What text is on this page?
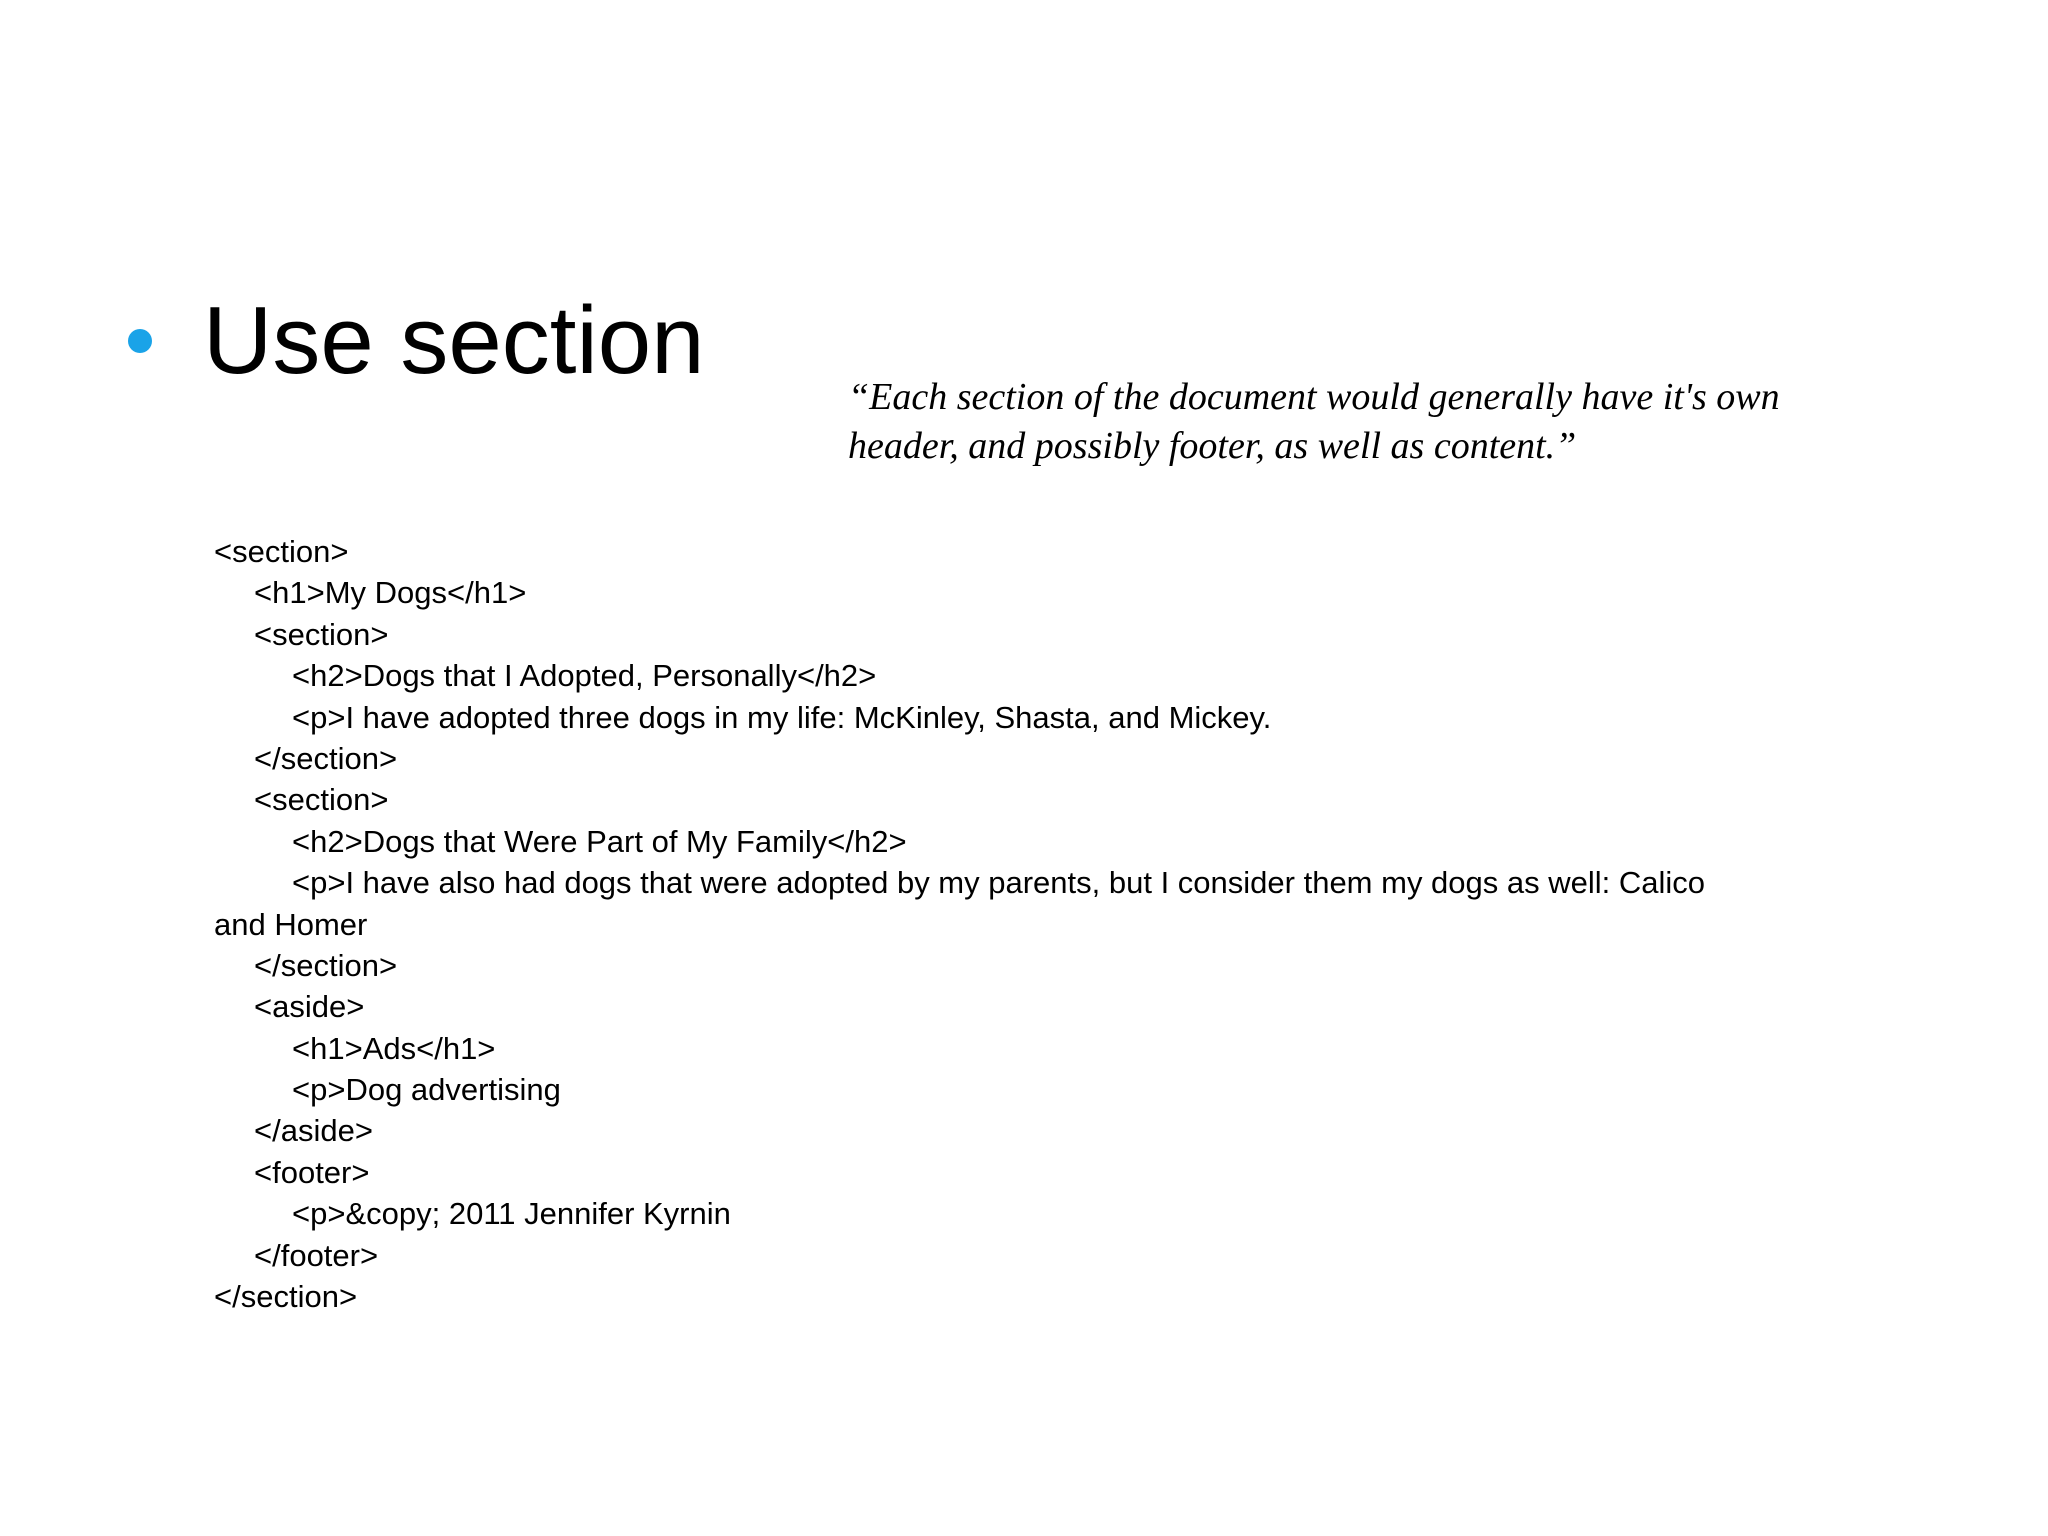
Use section
“Each section of the document would generally have it's own
header, and possibly footer, as well as content.”
<section>
<h1>My Dogs</h1>
<section>
<h2>Dogs that I Adopted, Personally</h2>
<p>I have adopted three dogs in my life: McKinley, Shasta, and Mickey.
</section>
<section>
<h2>Dogs that Were Part of My Family</h2>
<p>I have also had dogs that were adopted by my parents, but I consider them my dogs as well: Calico
and Homer
</section>
<aside>
<h1>Ads</h1>
<p>Dog advertising
</aside>
<footer>
<p>&copy; 2011 Jennifer Kyrnin
</footer>
</section>
